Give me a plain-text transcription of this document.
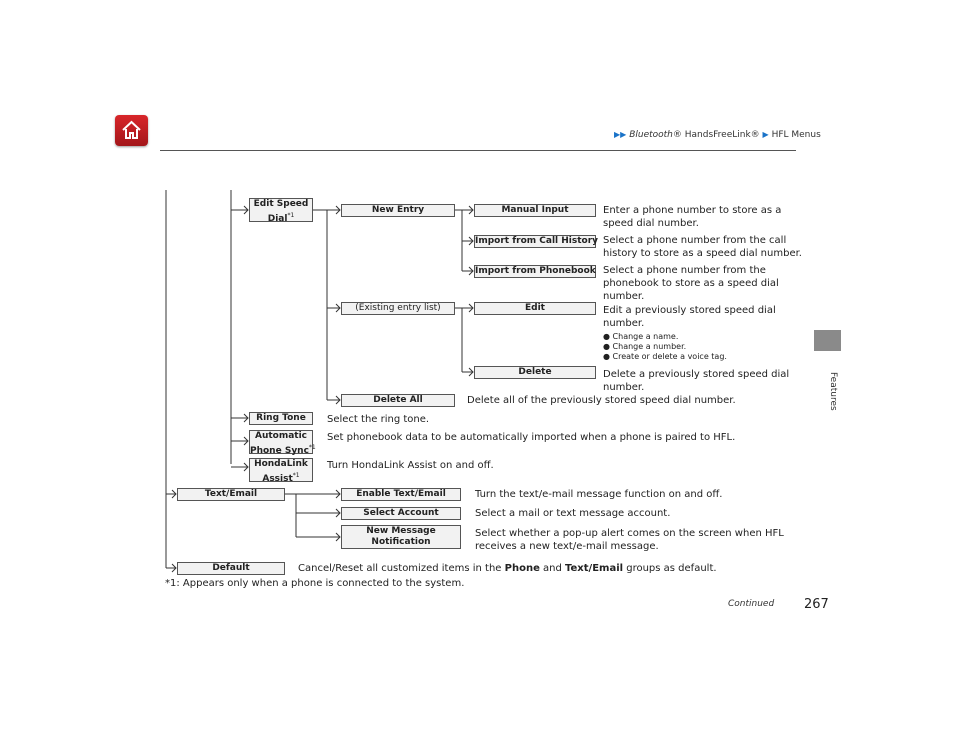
▶▶ Bluetooth® HandsFreeLink® ▶ HFL Menus
Features
Edit Speed
Dial$^{*1}$
Ring Tone
Automatic
Phone Sync$^{*1}$
HondaLink
Assist$^{*1}$
Text/Email
Default
New Entry
(Existing entry list)
Delete All
Enable Text/Email
Select Account
New Message
Notification
Manual Input
Import from Call History
Import from Phonebook
Edit
Delete
Enter a phone number to store as a
speed dial number.
Select a phone number from the call
history to store as a speed dial number.
Select a phone number from the
phonebook to store as a speed dial
number.
Edit a previously stored speed dial
number.
● Change a name.
● Change a number.
● Create or delete a voice tag.
Delete a previously stored speed dial
number.
Delete all of the previously stored speed dial number.
Select the ring tone.
Set phonebook data to be automatically imported when a phone is paired to HFL.
Turn HondaLink Assist on and off.
Turn the text/e-mail message function on and off.
Select a mail or text message account.
Select whether a pop-up alert comes on the screen when HFL
receives a new text/e-mail message.
Cancel/Reset all customized items in the Phone and Text/Email groups as default.
*1: Appears only when a phone is connected to the system.
Continued 267
